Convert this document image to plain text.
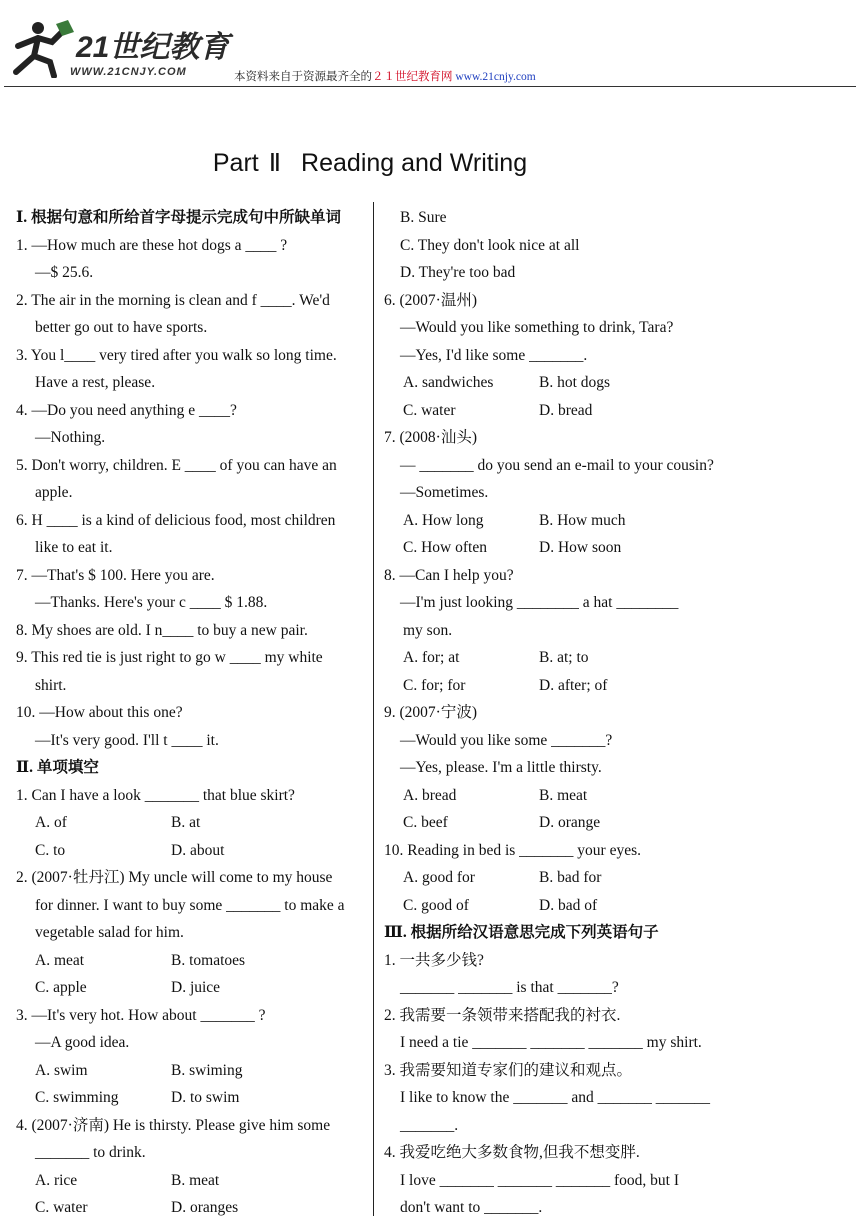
21世纪教育
WWW.21CNJY.COM	本资料来自于资源最齐全的２１世纪教育网 www.21cnjy.com
Part Ⅱ Reading and Writing
Ⅰ. 根据句意和所给首字母提示完成句中所缺单词
1. —How much are these hot dogs a ____ ?
—$ 25.6.
2. The air in the morning is clean and f ____. We'd
better go out to have sports.
3. You l____ very tired after you walk so long time.
Have a rest, please.
4. —Do you need anything e ____?
—Nothing.
5. Don't worry, children. E ____ of you can have an
apple.
6. H ____ is a kind of delicious food, most children
like to eat it.
7. —That's $ 100. Here you are.
—Thanks. Here's your c ____ $ 1.88.
8. My shoes are old. I n____ to buy a new pair.
9. This red tie is just right to go w ____ my white
shirt.
10. —How about this one?
—It's very good. I'll t ____ it.
Ⅱ. 单项填空
1. Can I have a look _______ that blue skirt?
A. of	B. at
C. to	D. about
2. (2007·牡丹江) My uncle will come to my house
for dinner. I want to buy some _______ to make a
vegetable salad for him.
A. meat	B. tomatoes
C. apple	D. juice
3. —It's very hot. How about _______ ?
—A good idea.
A. swim	B. swiming
C. swimming	D. to swim
4. (2007·济南) He is thirsty. Please give him some
_______ to drink.
A. rice	B. meat
C. water	D. oranges
B. Sure
C. They don't look nice at all
D. They're too bad
6. (2007·温州)
—Would you like something to drink, Tara?
—Yes, I'd like some _______.
A. sandwiches	B. hot dogs
C. water	D. bread
7. (2008·汕头)
— _______ do you send an e-mail to your cousin?
—Sometimes.
A. How long	B. How much
C. How often	D. How soon
8. —Can I help you?
—I'm just looking ________ a hat ________
my son.
A. for; at	B. at; to
C. for; for	D. after; of
9. (2007·宁波)
—Would you like some _______?
—Yes, please. I'm a little thirsty.
A. bread	B. meat
C. beef	D. orange
10. Reading in bed is _______ your eyes.
A. good for	B. bad for
C. good of	D. bad of
Ⅲ. 根据所给汉语意思完成下列英语句子
1. 一共多少钱?
_______ _______ is that _______?
2. 我需要一条领带来搭配我的衬衣.
I need a tie _______ _______ _______ my shirt.
3. 我需要知道专家们的建议和观点。
I like to know the _______ and _______ _______
_______.
4. 我爱吃绝大多数食物,但我不想变胖.
I love _______ _______ _______ food, but I
don't want to _______.
